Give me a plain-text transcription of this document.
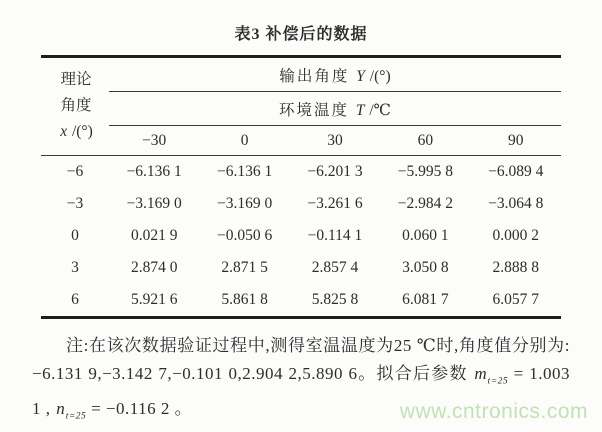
表3 补偿后的数据
理论
角度
x /(°)	输出角度 Y /(°)				
	环境温度 T /℃				
	−30	0	30	60	90
−6	−6.136 1	−6.136 1	−6.201 3	−5.995 8	−6.089 4
−3	−3.169 0	−3.169 0	−3.261 6	−2.984 2	−3.064 8
0	0.021 9	−0.050 6	−0.114 1	0.060 1	0.000 2
3	2.874 0	2.871 5	2.857 4	3.050 8	2.888 8
6	5.921 6	5.861 8	5.825 8	6.081 7	6.057 7

注:在该次数据验证过程中,测得室温温度为25 ℃时,角度值分别为:−6.131 9,−3.142 7,−0.101 0,2.904 2,5.890 6。拟合后参数 $m_{t=25} = 1.003$ 1 , $n_{t=25} = -0.116$ 2 。	www.cntronics.com
